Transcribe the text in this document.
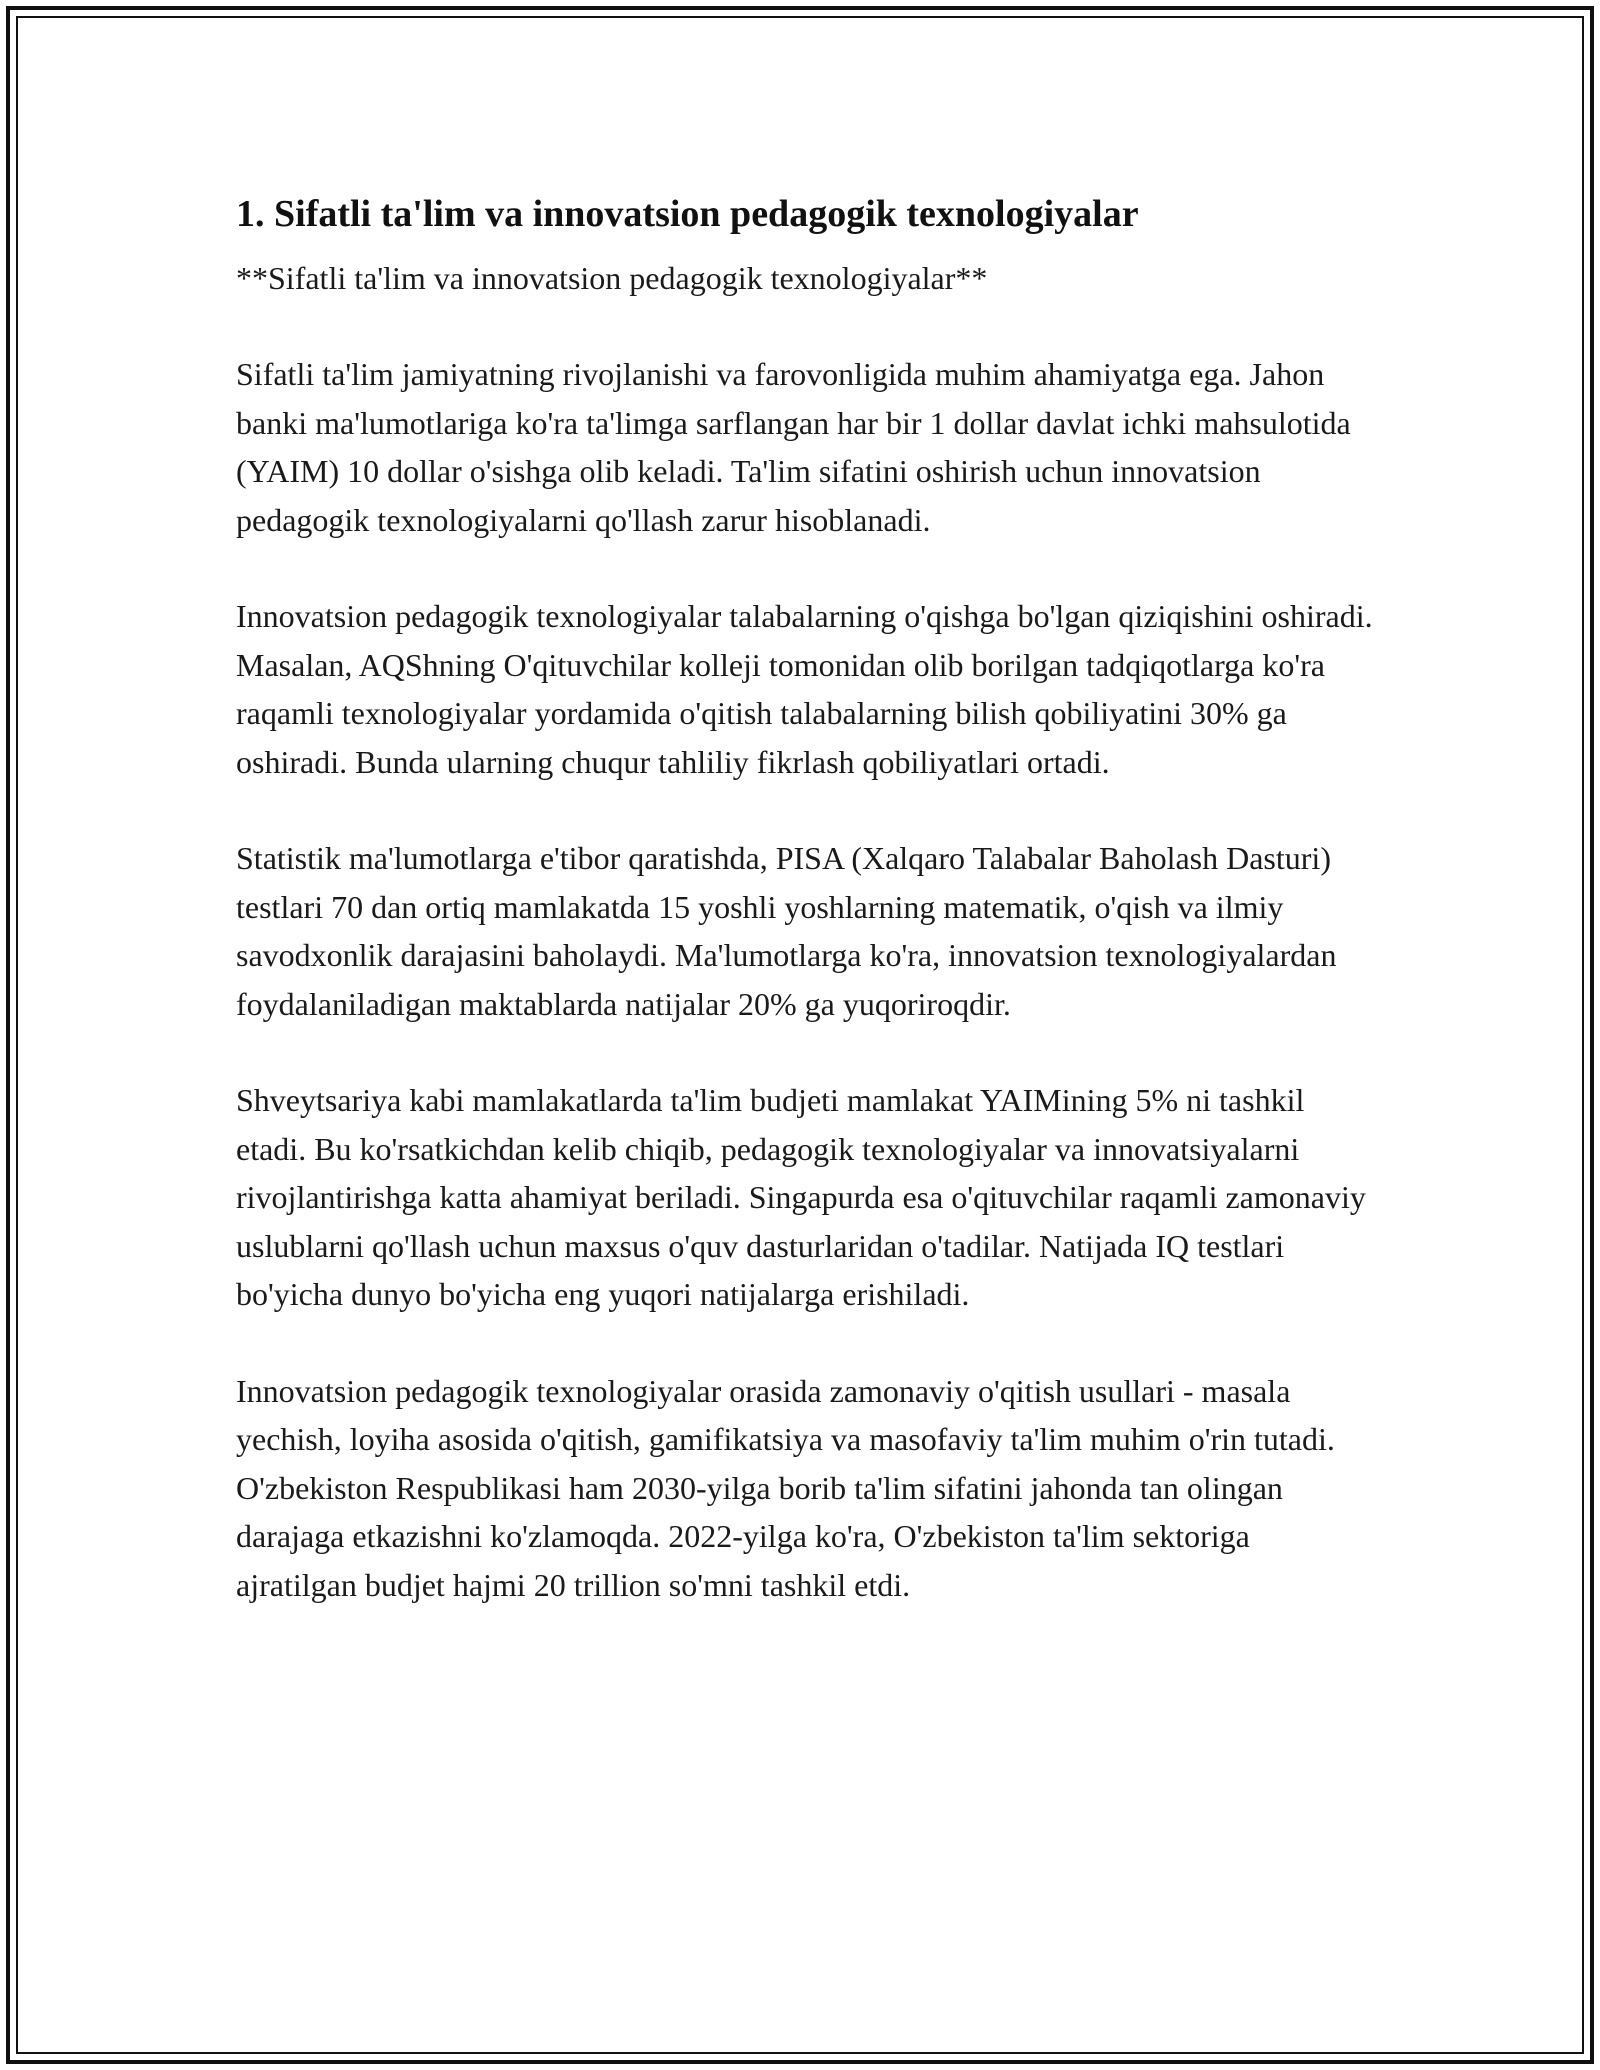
1. Sifatli ta'lim va innovatsion pedagogik texnologiyalar

**Sifatli ta'lim va innovatsion pedagogik texnologiyalar**

Sifatli ta'lim jamiyatning rivojlanishi va farovonligida muhim ahamiyatga ega. Jahon banki ma'lumotlariga ko'ra ta'limga sarflangan har bir 1 dollar davlat ichki mahsulotida (YAIM) 10 dollar o'sishga olib keladi. Ta'lim sifatini oshirish uchun innovatsion pedagogik texnologiyalarni qo'llash zarur hisoblanadi.

Innovatsion pedagogik texnologiyalar talabalarning o'qishga bo'lgan qiziqishini oshiradi. Masalan, AQShning O'qituvchilar kolleji tomonidan olib borilgan tadqiqotlarga ko'ra raqamli texnologiyalar yordamida o'qitish talabalarning bilish qobiliyatini 30% ga oshiradi. Bunda ularning chuqur tahliliy fikrlash qobiliyatlari ortadi.

Statistik ma'lumotlarga e'tibor qaratishda, PISA (Xalqaro Talabalar Baholash Dasturi) testlari 70 dan ortiq mamlakatda 15 yoshli yoshlarning matematik, o'qish va ilmiy savodxonlik darajasini baholaydi. Ma'lumotlarga ko'ra, innovatsion texnologiyalardan foydalaniladigan maktablarda natijalar 20% ga yuqoriroqdir.

Shveytsariya kabi mamlakatlarda ta'lim budjeti mamlakat YAIMining 5% ni tashkil etadi. Bu ko'rsatkichdan kelib chiqib, pedagogik texnologiyalar va innovatsiyalarni rivojlantirishga katta ahamiyat beriladi. Singapurda esa o'qituvchilar raqamli zamonaviy uslublarni qo'llash uchun maxsus o'quv dasturlaridan o'tadilar. Natijada IQ testlari bo'yicha dunyo bo'yicha eng yuqori natijalarga erishiladi.

Innovatsion pedagogik texnologiyalar orasida zamonaviy o'qitish usullari - masala yechish, loyiha asosida o'qitish, gamifikatsiya va masofaviy ta'lim muhim o'rin tutadi. O'zbekiston Respublikasi ham 2030-yilga borib ta'lim sifatini jahonda tan olingan darajaga etkazishni ko'zlamoqda. 2022-yilga ko'ra, O'zbekiston ta'lim sektoriga ajratilgan budjet hajmi 20 trillion so'mni tashkil etdi.
